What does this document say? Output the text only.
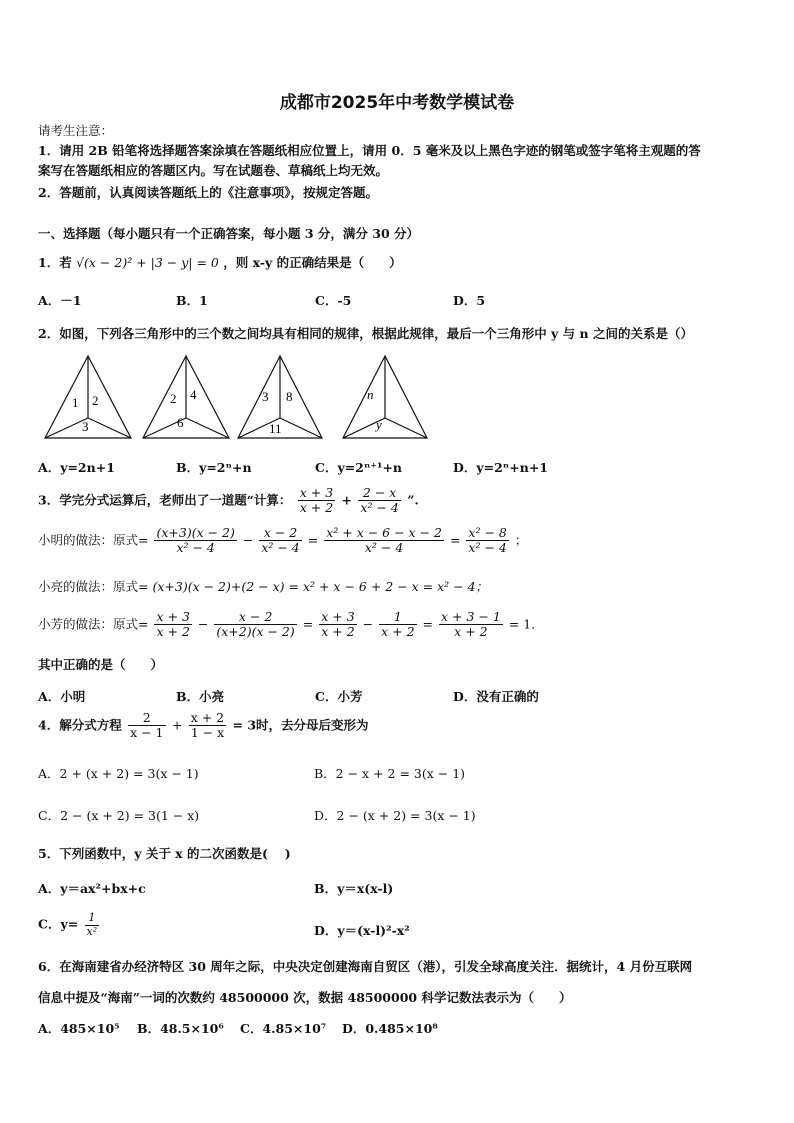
成都市2025年中考数学模试卷
请考生注意：
1．请用 2B 铅笔将选择题答案涂填在答题纸相应位置上，请用 0．5 毫米及以上黑色字迹的钢笔或签字笔将主观题的答
案写在答题纸相应的答题区内。写在试题卷、草稿纸上均无效。
2．答题前，认真阅读答题纸上的《注意事项》，按规定答题。
一、选择题（每小题只有一个正确答案，每小题 3 分，满分 30 分）
1．若 √(x − 2)² + |3 − y| = 0 ，则 x-y 的正确结果是（　　）
A．－1	B．1	C．-5	D．5
2．如图，下列各三角形中的三个数之间均具有相同的规律，根据此规律，最后一个三角形中 y 与 n 之间的关系是（）
1 2
3
2 4
6
3 8
11
n
y
A．y=2n+1	B．y=2ⁿ+n	C．y=2ⁿ⁺¹+n	D．y=2ⁿ+n+1
3．学完分式运算后，老师出了一道题“计算： $\frac{x + 3}{x + 2} + \frac{2 - x}{\text{x² − 4}}$ ”.
小明的做法：原式= $\frac{(x+3)(x - 2)}{\text{x² − 4}} - \frac{x - 2}{\text{x² − 4}} = \frac{\text{x² + x − 6 − x − 2}}{\text{x² − 4}} = \frac{\text{x² − 8}}{\text{x² − 4}}$ ；
小亮的做法：原式= (x+3)(x − 2)+(2 − x) = x² + x − 6 + 2 − x = x² − 4；
小芳的做法：原式= $\frac{x + 3}{x + 2} - \frac{x - 2}{(x+2)(x - 2)} = \frac{x + 3}{x + 2} - \frac{1}{x + 2} = \frac{x + 3 - 1}{x + 2} = 1$．
其中正确的是（　　）
A．小明	B．小亮	C．小芳	D．没有正确的
4．解分式方程 $\frac{2}{x - 1} + \frac{x + 2}{1 - x} = 3$时，去分母后变形为
A．2 + (x + 2) = 3(x − 1)	B．2 − x + 2 = 3(x − 1)
C．2 − (x + 2) = 3(1 − x)	D．2 − (x + 2) = 3(x − 1)
5．下列函数中，y 关于 x 的二次函数是(　 )
A．y＝ax²+bx+c	B．y＝x(x-l)
C．$y= \frac{1}{\text{x²}}$	D．y＝(x-l)²-x²
6．在海南建省办经济特区 30 周年之际，中央决定创建海南自贸区（港），引发全球高度关注．据统计，4 月份互联网
信息中提及“海南”一词的次数约 48500000 次，数据 48500000 科学记数法表示为（　　）
A．485×10⁵ B．48.5×10⁶ C．4.85×10⁷ D．0.485×10⁸
